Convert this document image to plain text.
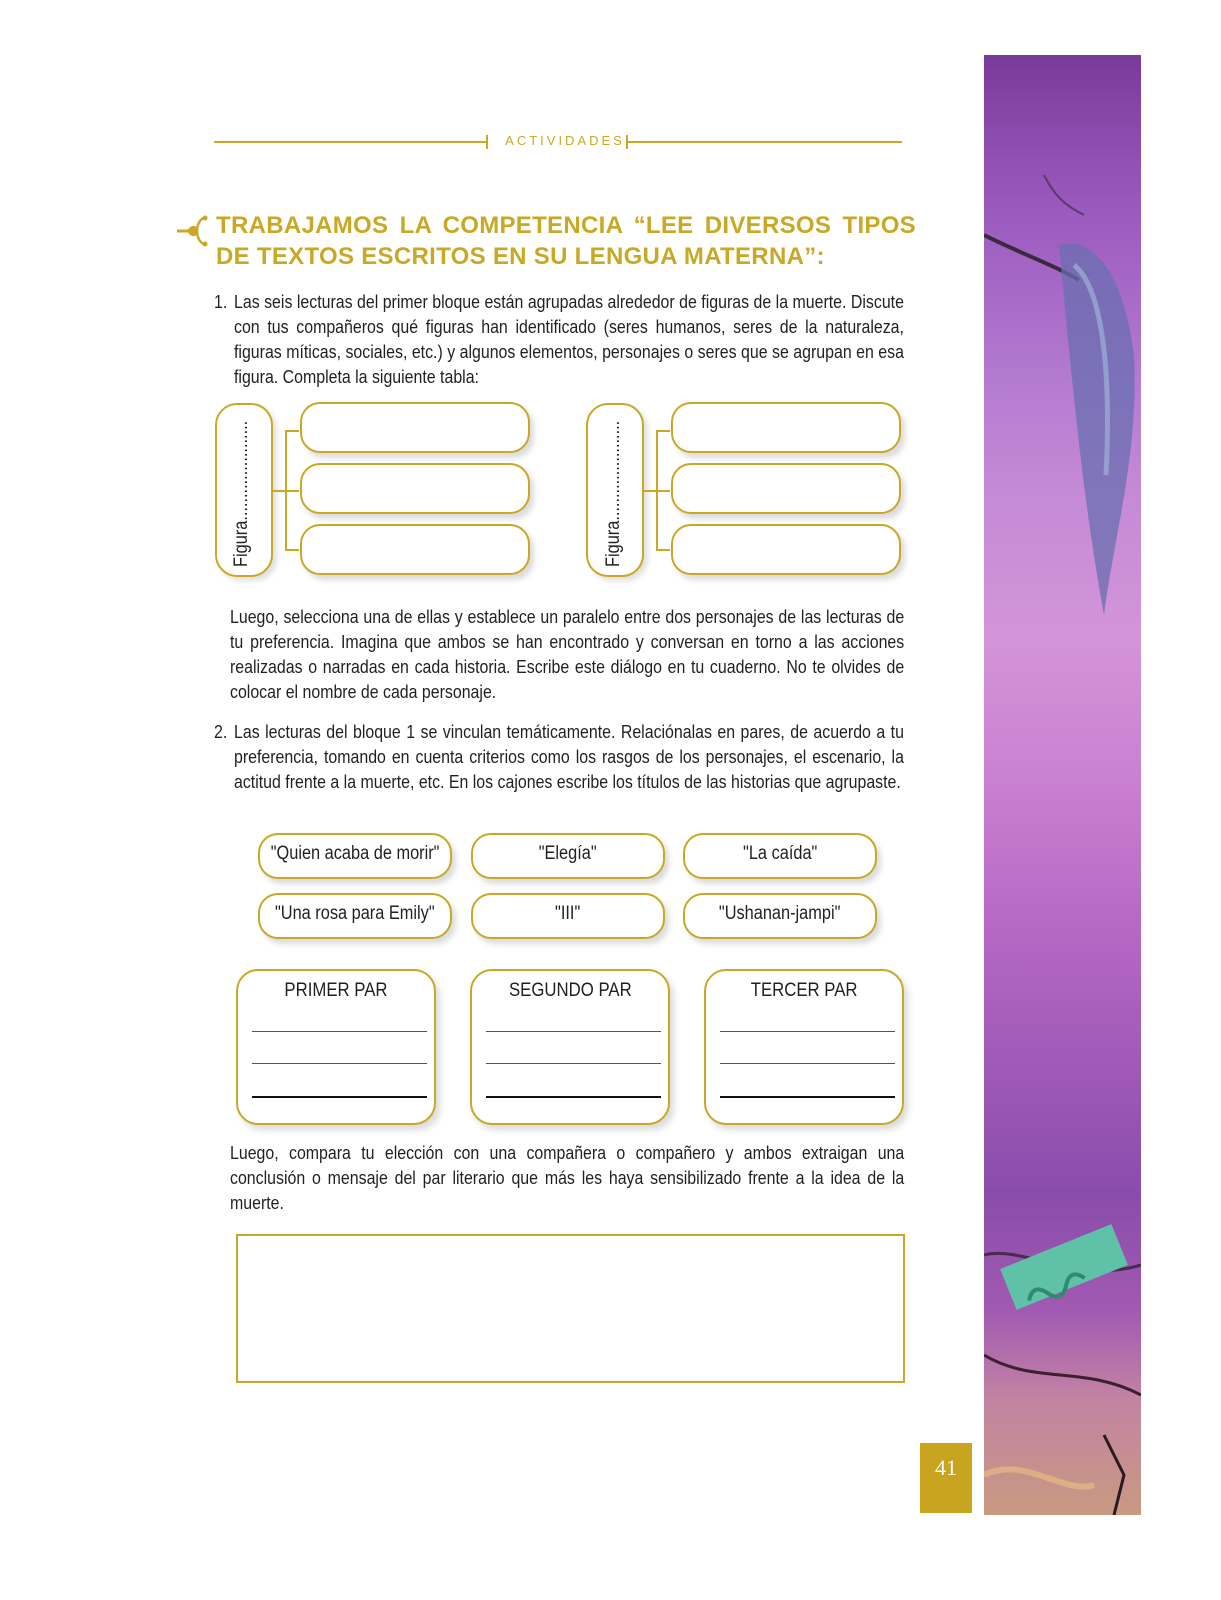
ACTIVIDADES
TRABAJAMOS LA COMPETENCIA “LEE DIVERSOS TIPOS DE TEXTOS ESCRITOS EN SU LENGUA MATERNA”:
1. Las seis lecturas del primer bloque están agrupadas alrededor de figuras de la muerte. Discute con tus compañeros qué figuras han identificado (seres humanos, seres de la naturaleza, figuras míticas, sociales, etc.) y algunos elementos, personajes o seres que se agrupan en esa figura. Completa la siguiente tabla:
Figura......................	Figura......................
Luego, selecciona una de ellas y establece un paralelo entre dos personajes de las lecturas de tu preferencia. Imagina que ambos se han encontrado y conversan en torno a las acciones realizadas o narradas en cada historia. Escribe este diálogo en tu cuaderno. No te olvides de colocar el nombre de cada personaje.
2. Las lecturas del bloque 1 se vinculan temáticamente. Relaciónalas en pares, de acuerdo a tu preferencia, tomando en cuenta criterios como los rasgos de los personajes, el escenario, la actitud frente a la muerte, etc. En los cajones escribe los títulos de las historias que agrupaste.
"Quien acaba de morir"	"Elegía"	"La caída"
"Una rosa para Emily"	"III"	"Ushanan-jampi"
PRIMER PAR	SEGUNDO PAR	TERCER PAR
Luego, compara tu elección con una compañera o compañero y ambos extraigan una conclusión o mensaje del par literario que más les haya sensibilizado frente a la idea de la muerte.
41
